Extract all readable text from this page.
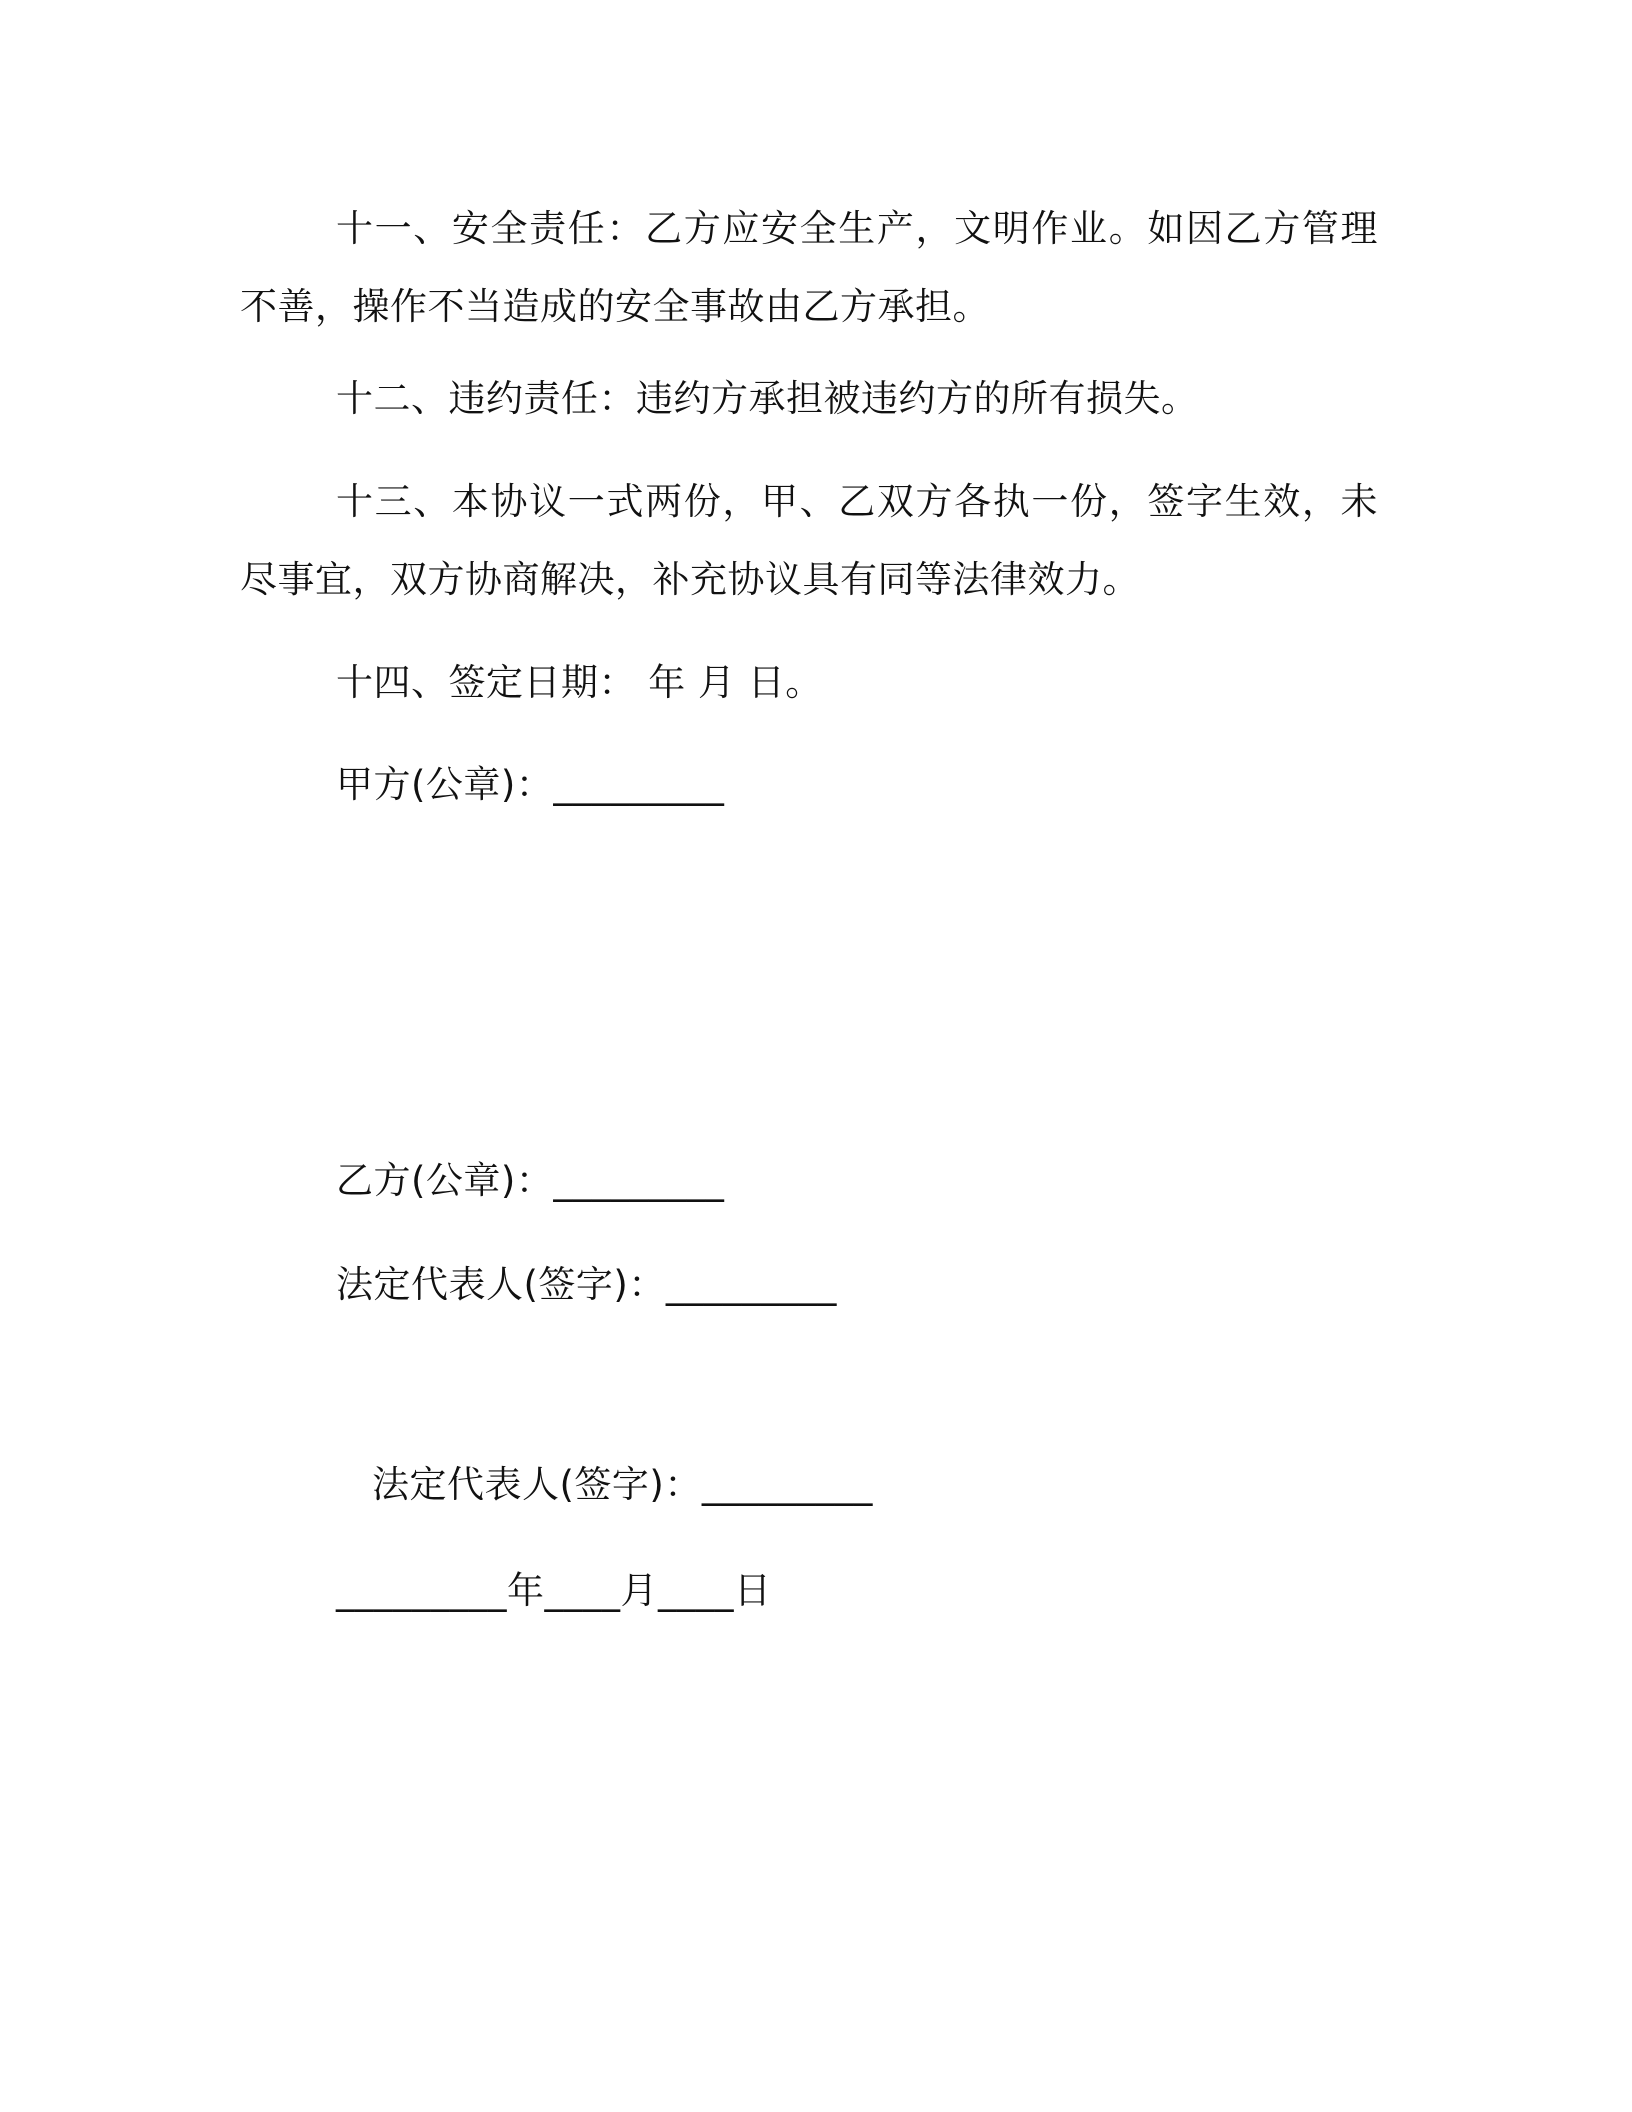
十一、安全责任：乙方应安全生产，文明作业。如因乙方管理不善，操作不当造成的安全事故由乙方承担。
十二、违约责任：违约方承担被违约方的所有损失。
十三、本协议一式两份，甲、乙双方各执一份，签字生效，未尽事宜，双方协商解决，补充协议具有同等法律效力。
十四、签定日期： 年 月 日。
甲方(公章)：_________
乙方(公章)：_________
法定代表人(签字)：_________
法定代表人(签字)：_________
_________年____月____日
